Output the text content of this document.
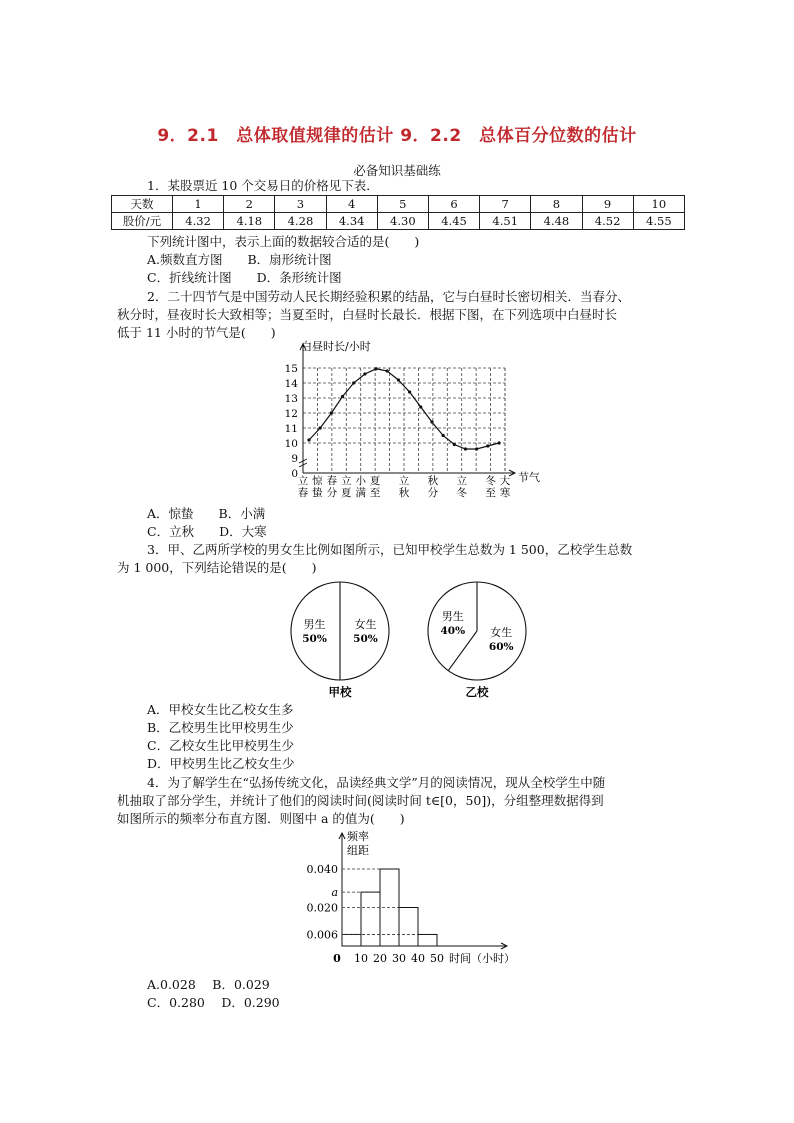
9．2.1　总体取值规律的估计 9．2.2　总体百分位数的估计
必备知识基础练
1．某股票近 10 个交易日的价格见下表．
天数	1	2	3	4	5	6	7	8	9	10
股价/元	4.32	4.18	4.28	4.34	4.30	4.45	4.51	4.48	4.52	4.55
下列统计图中，表示上面的数据较合适的是(　　)
A.频数直方图　　B．扇形统计图
C．折线统计图　　D．条形统计图
2．二十四节气是中国劳动人民长期经验积累的结晶，它与白昼时长密切相关．当春分、
秋分时，昼夜时长大致相等；当夏至时，白昼时长最长．根据下图，在下列选项中白昼时长
低于 11 小时的节气是(　　)
白昼时长/小时
节气
15
14
13
12
11
10
9
0
立
春
惊
蛰
春
分
立
夏
小
满
夏
至
立
秋
秋
分
立
冬
冬
至
大
寒
A．惊蛰　　B．小满
C．立秋　　D．大寒
3．甲、乙两所学校的男女生比例如图所示，已知甲校学生总数为 1 500，乙校学生总数
为 1 000，下列结论错误的是(　　)
女生
50%
男生
50%
甲校
女生
60%
男生
40%
乙校
A．甲校女生比乙校女生多
B．乙校男生比甲校男生少
C．乙校女生比甲校男生少
D．甲校男生比乙校女生少
4．为了解学生在“弘扬传统文化，品读经典文学”月的阅读情况，现从全校学生中随
机抽取了部分学生，并统计了他们的阅读时间(阅读时间 t∈[0，50])，分组整理数据得到
如图所示的频率分布直方图．则图中 a 的值为(　　)
频率
组距
0
0.040
a
0.020
0.006
10 20 30 40 50 时间（小时）
A.0.028　 B．0.029
C．0.280　 D．0.290
